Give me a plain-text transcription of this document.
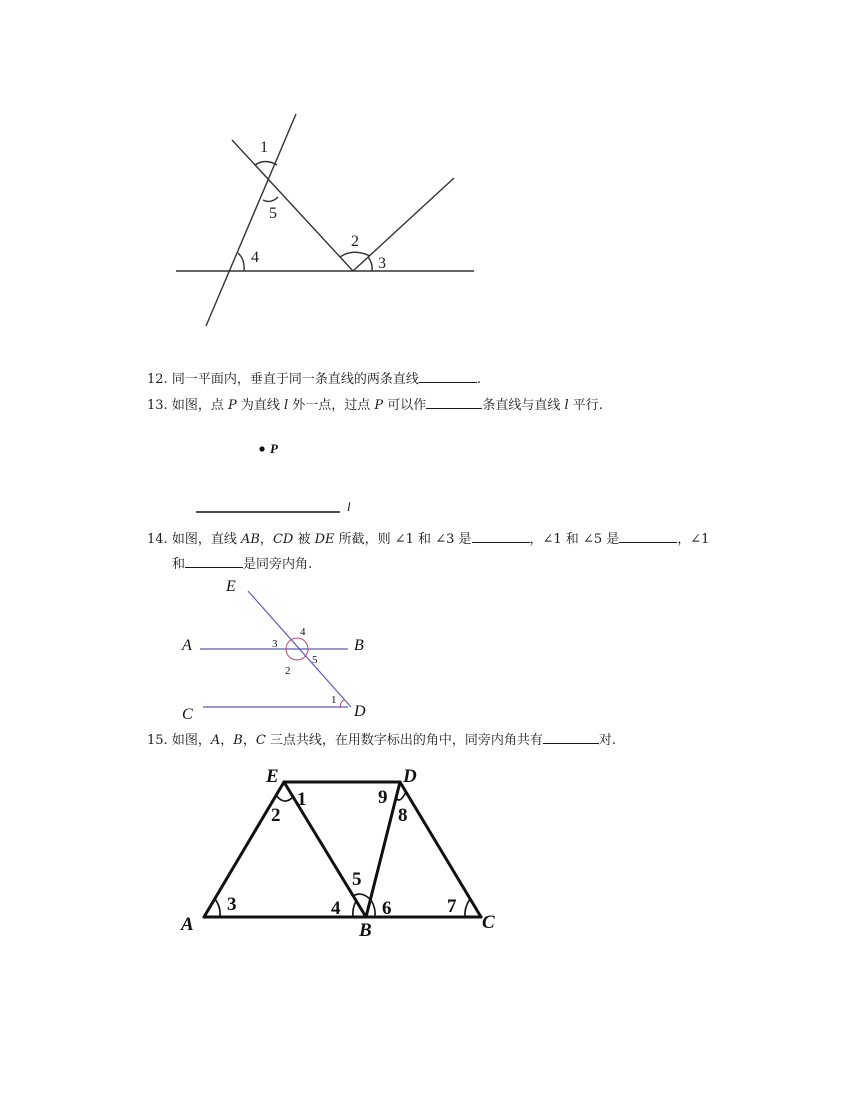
1
5
2
3
4
12. 同一平面内，垂直于同一条直线的两条直线	.
13. 如图，点 P 为直线 l 外一点，过点 P 可以作	条直线与直线 l 平行.
P
l
14. 如图，直线 AB，CD 被 DE 所截，则 ∠1 和 ∠3 是	，∠1 和 ∠5 是	，∠1
和	是同旁内角.
E
A	B
C	D
4
3
5
2
1
15. 如图，A，B，C 三点共线，在用数字标出的角中，同旁内角共有	对.
E	D
A	B	C
1
2
3	4
5
6	7
8
9
